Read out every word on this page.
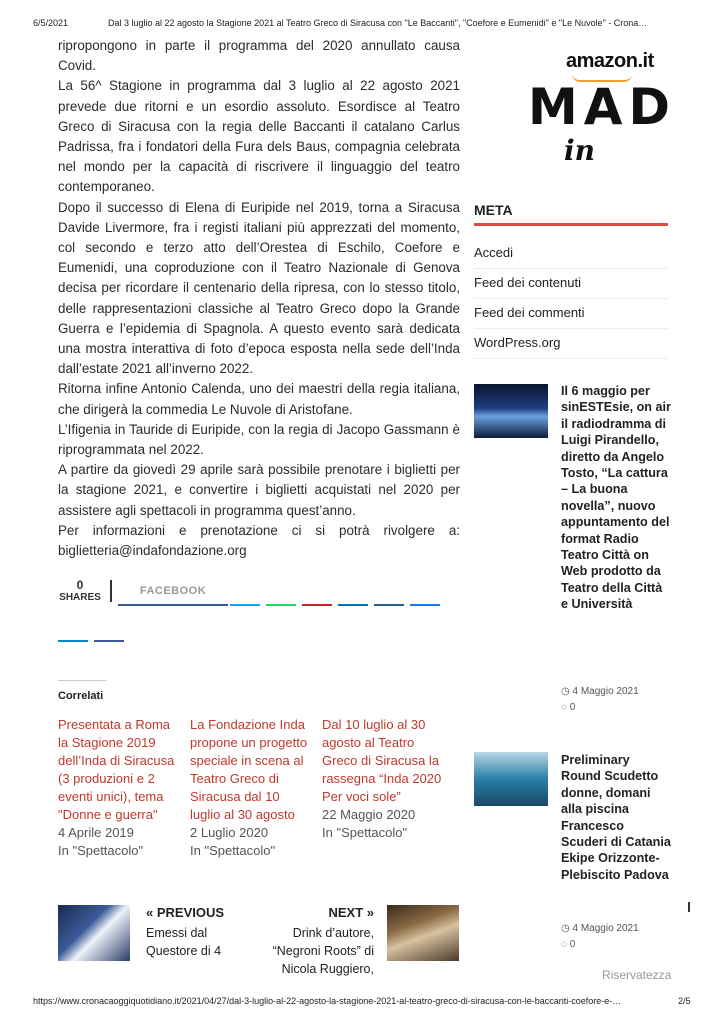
6/5/2021	Dal 3 luglio al 22 agosto la Stagione 2021 al Teatro Greco di Siracusa con "Le Baccanti", "Coefore e Eumenidi" e "Le Nuvole" - Crona…

ripropongono in parte il programma del 2020 annullato causa Covid.

La 56^ Stagione in programma dal 3 luglio al 22 agosto 2021 prevede due ritorni e un esordio assoluto. Esordisce al Teatro Greco di Siracusa con la regia delle Baccanti il catalano Carlus Padrissa, fra i fondatori della Fura dels Baus, compagnia celebrata nel mondo per la capacità di riscrivere il linguaggio del teatro contemporaneo.

Dopo il successo di Elena di Euripide nel 2019, torna a Siracusa Davide Livermore, fra i registi italiani più apprezzati del momento, col secondo e terzo atto dell’Orestea di Eschilo, Coefore e Eumenidi, una coproduzione con il Teatro Nazionale di Genova decisa per ricordare il centenario della ripresa, con lo stesso titolo, delle rappresentazioni classiche al Teatro Greco dopo la Grande Guerra e l’epidemia di Spagnola. A questo evento sarà dedicata una mostra interattiva di foto d’epoca esposta nella sede dell’Inda dall’estate 2021 all’inverno 2022.

Ritorna infine Antonio Calenda, uno dei maestri della regia italiana, che dirigerà la commedia Le Nuvole di Aristofane.

L’Ifigenia in Tauride di Euripide, con la regia di Jacopo Gassmann è riprogrammata nel 2022.

A partire da giovedì 29 aprile sarà possibile prenotare i biglietti per la stagione 2021, e convertire i biglietti acquistati nel 2020 per assistere agli spettacoli in programma quest’anno.

Per informazioni e prenotazione ci si potrà rivolgere a: biglietteria@indafondazione.org

0
SHARES
FACEBOOK
Correlati
Presentata a Roma la Stagione 2019 dell’Inda di Siracusa (3 produzioni e 2 eventi unici), tema "Donne e guerra"
4 Aprile 2019
In "Spettacolo"
La Fondazione Inda propone un progetto speciale in scena al Teatro Greco di Siracusa dal 10 luglio al 30 agosto
2 Luglio 2020
In "Spettacolo"
Dal 10 luglio al 30 agosto al Teatro Greco di Siracusa la rassegna “Inda 2020 Per voci sole”
22 Maggio 2020
In "Spettacolo"
« PREVIOUS
Emessi dal Questore di 4
NEXT »
Drink d’autore, “Negroni Roots” di Nicola Ruggiero,
amazon.it
MAD
in
META
Accedi
Feed dei contenuti
Feed dei commenti
WordPress.org
Il 6 maggio per sinESTEsie, on air il radiodramma di Luigi Pirandello, diretto da Angelo Tosto, “La cattura – La buona novella”, nuovo appuntamento del format Radio Teatro Città on Web prodotto da Teatro della Città e Università
◷ 4 Maggio 2021
◌ 0
Preliminary Round Scudetto donne, domani alla piscina Francesco Scuderi di Catania Ekipe Orizzonte-Plebiscito Padova
◷ 4 Maggio 2021
◌ 0
Riservatezza
https://www.cronacaoggiquotidiano.it/2021/04/27/dal-3-luglio-al-22-agosto-la-stagione-2021-al-teatro-greco-di-siracusa-con-le-baccanti-coefore-e-…	2/5
